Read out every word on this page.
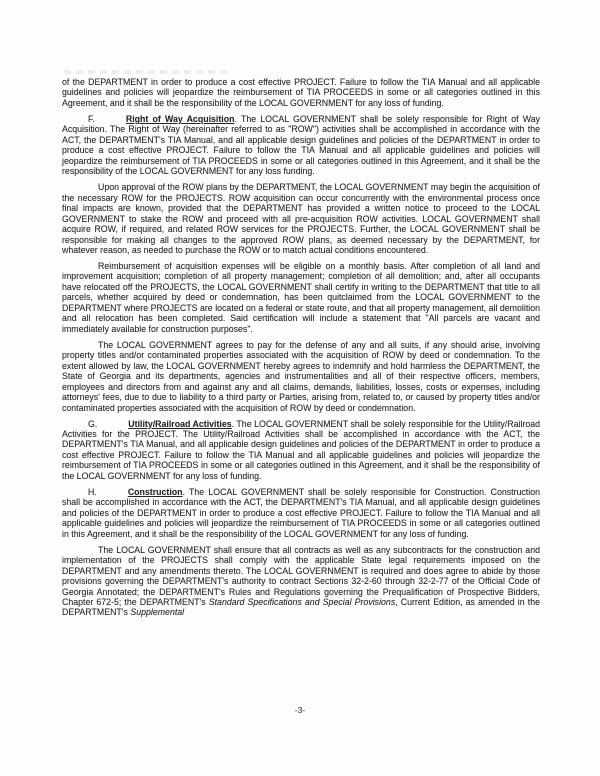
of the DEPARTMENT in order to produce a cost effective PROJECT. Failure to follow the TIA Manual and all applicable guidelines and policies will jeopardize the reimbursement of TIA PROCEEDS in some or all categories outlined in this Agreement, and it shall be the responsibility of the LOCAL GOVERNMENT for any loss of funding.

F.	Right of Way Acquisition. The LOCAL GOVERNMENT shall be solely responsible for Right of Way Acquisition. The Right of Way (hereinafter referred to as "ROW") activities shall be accomplished in accordance with the ACT, the DEPARTMENT's TIA Manual, and all applicable design guidelines and policies of the DEPARTMENT in order to produce a cost effective PROJECT. Failure to follow the TIA Manual and all applicable guidelines and policies will jeopardize the reimbursement of TIA PROCEEDS in some or all categories outlined in this Agreement, and it shall be the responsibility of the LOCAL GOVERNMENT for any loss funding.

Upon approval of the ROW plans by the DEPARTMENT, the LOCAL GOVERNMENT may begin the acquisition of the necessary ROW for the PROJECTS. ROW acquisition can occur concurrently with the environmental process once final impacts are known, provided that the DEPARTMENT has provided a written notice to proceed to the LOCAL GOVERNMENT to stake the ROW and proceed with all pre-acquisition ROW activities. LOCAL GOVERNMENT shall acquire ROW, if required, and related ROW services for the PROJECTS. Further, the LOCAL GOVERNMENT shall be responsible for making all changes to the approved ROW plans, as deemed necessary by the DEPARTMENT, for whatever reason, as needed to purchase the ROW or to match actual conditions encountered.

Reimbursement of acquisition expenses will be eligible on a monthly basis. After completion of all land and improvement acquisition; completion of all property management; completion of all demolition; and, after all occupants have relocated off the PROJECTS, the LOCAL GOVERNMENT shall certify in writing to the DEPARTMENT that title to all parcels, whether acquired by deed or condemnation, has been quitclaimed from the LOCAL GOVERNMENT to the DEPARTMENT where PROJECTS are located on a federal or state route, and that all property management, all demolition and all relocation has been completed. Said certification will include a statement that "All parcels are vacant and immediately available for construction purposes".

The LOCAL GOVERNMENT agrees to pay for the defense of any and all suits, if any should arise, involving property titles and/or contaminated properties associated with the acquisition of ROW by deed or condemnation. To the extent allowed by law, the LOCAL GOVERNMENT hereby agrees to indemnify and hold harmless the DEPARTMENT, the State of Georgia and its departments, agencies and instrumentalities and all of their respective officers, members, employees and directors from and against any and all claims, demands, liabilities, losses, costs or expenses, including attorneys' fees, due to due to liability to a third party or Parties, arising from, related to, or caused by property titles and/or contaminated properties associated with the acquisition of ROW by deed or condemnation.

G.	Utility/Railroad Activities. The LOCAL GOVERNMENT shall be solely responsible for the Utility/Railroad Activities for the PROJECT. The Utility/Railroad Activities shall be accomplished in accordance with the ACT, the DEPARTMENT's TIA Manual, and all applicable design guidelines and policies of the DEPARTMENT in order to produce a cost effective PROJECT. Failure to follow the TIA Manual and all applicable guidelines and policies will jeopardize the reimbursement of TIA PROCEEDS in some or all categories outlined in this Agreement, and it shall be the responsibility of the LOCAL GOVERNMENT for any loss of funding.

H.	Construction. The LOCAL GOVERNMENT shall be solely responsible for Construction. Construction shall be accomplished in accordance with the ACT, the DEPARTMENT's TIA Manual, and all applicable design guidelines and policies of the DEPARTMENT in order to produce a cost effective PROJECT. Failure to follow the TIA Manual and all applicable guidelines and policies will jeopardize the reimbursement of TIA PROCEEDS in some or all categories outlined in this Agreement, and it shall be the responsibility of the LOCAL GOVERNMENT for any loss of funding.

The LOCAL GOVERNMENT shall ensure that all contracts as well as any subcontracts for the construction and implementation of the PROJECTS shall comply with the applicable State legal requirements imposed on the DEPARTMENT and any amendments thereto. The LOCAL GOVERNMENT is required and does agree to abide by those provisions governing the DEPARTMENT's authority to contract Sections 32-2-60 through 32-2-77 of the Official Code of Georgia Annotated; the DEPARTMENT's Rules and Regulations governing the Prequalification of Prospective Bidders, Chapter 672-5; the DEPARTMENT's Standard Specifications and Special Provisions, Current Edition, as amended in the DEPARTMENT's Supplemental

-3-
